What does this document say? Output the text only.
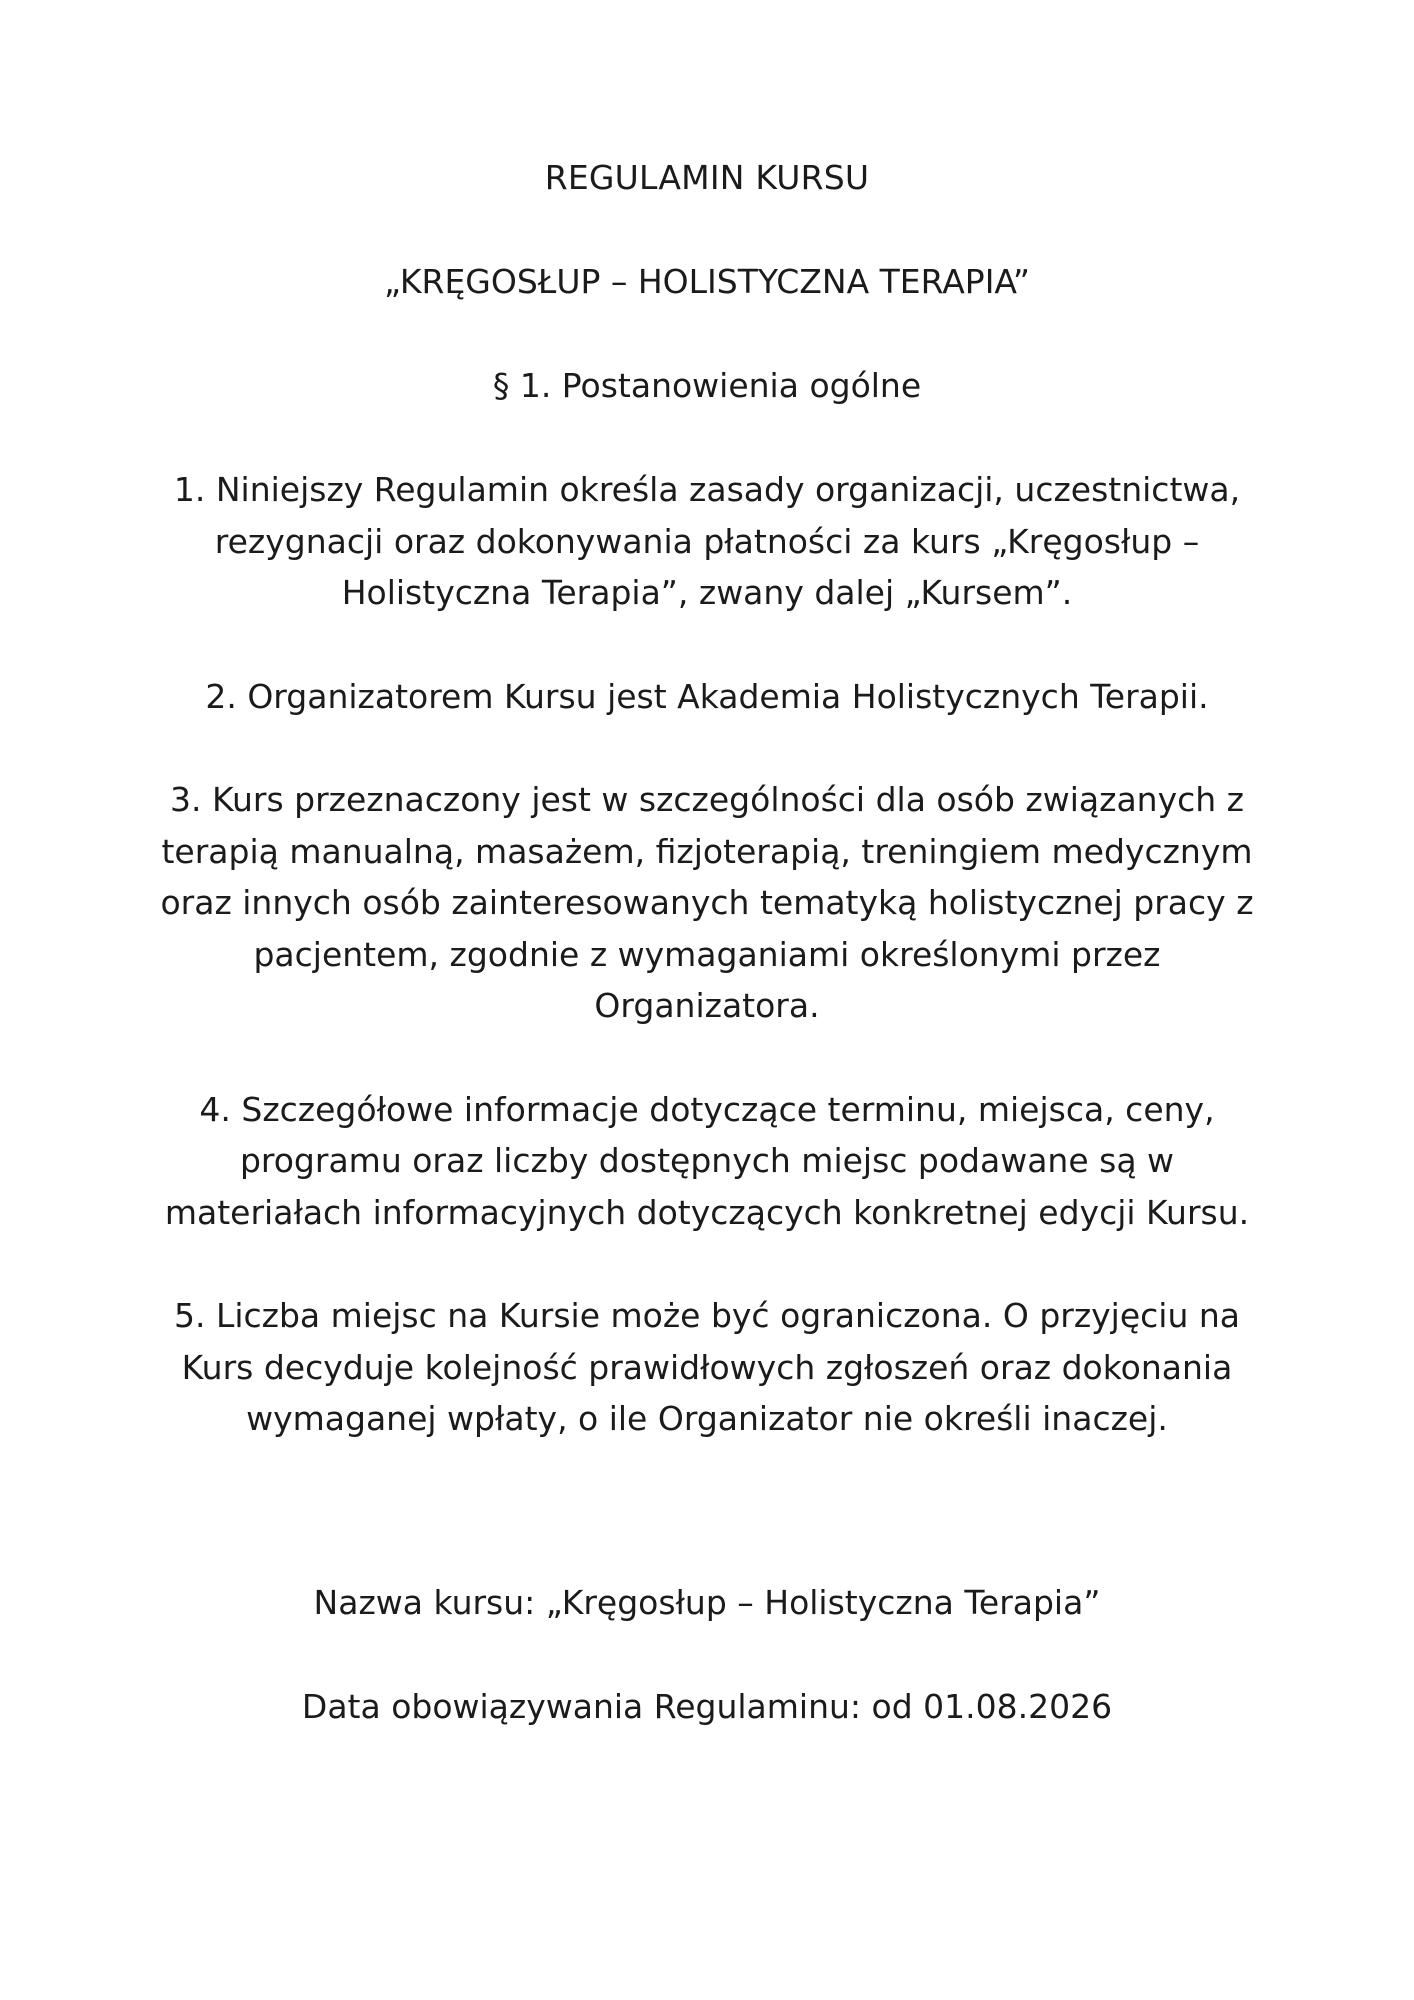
REGULAMIN KURSU
„KRĘGOSŁUP – HOLISTYCZNA TERAPIA”
§ 1. Postanowienia ogólne
1. Niniejszy Regulamin określa zasady organizacji, uczestnictwa, rezygnacji oraz dokonywania płatności za kurs „Kręgosłup – Holistyczna Terapia”, zwany dalej „Kursem”.
2. Organizatorem Kursu jest Akademia Holistycznych Terapii.
3. Kurs przeznaczony jest w szczególności dla osób związanych z terapią manualną, masażem, fizjoterapią, treningiem medycznym oraz innych osób zainteresowanych tematyką holistycznej pracy z pacjentem, zgodnie z wymaganiami określonymi przez Organizatora.
4. Szczegółowe informacje dotyczące terminu, miejsca, ceny, programu oraz liczby dostępnych miejsc podawane są w materiałach informacyjnych dotyczących konkretnej edycji Kursu.
5. Liczba miejsc na Kursie może być ograniczona. O przyjęciu na Kurs decyduje kolejność prawidłowych zgłoszeń oraz dokonania wymaganej wpłaty, o ile Organizator nie określi inaczej.

Nazwa kursu: „Kręgosłup – Holistyczna Terapia”

Data obowiązywania Regulaminu: od 01.08.2026
